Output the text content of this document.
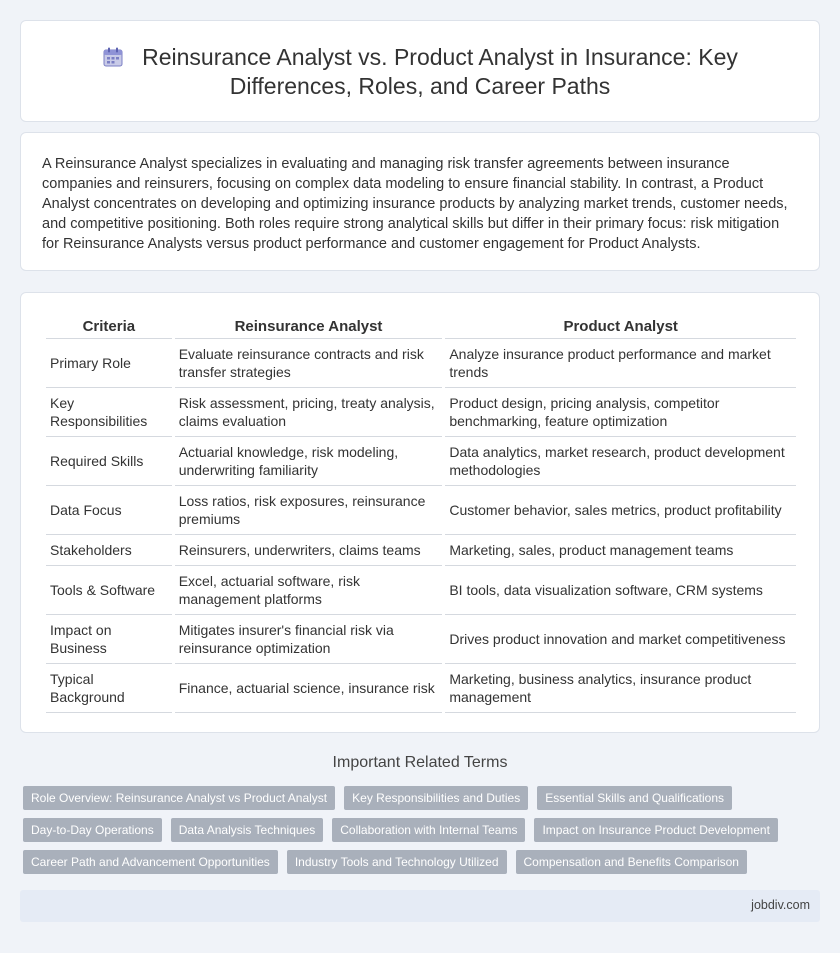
Reinsurance Analyst vs. Product Analyst in Insurance: Key Differences, Roles, and Career Paths

A Reinsurance Analyst specializes in evaluating and managing risk transfer agreements between insurance companies and reinsurers, focusing on complex data modeling to ensure financial stability. In contrast, a Product Analyst concentrates on developing and optimizing insurance products by analyzing market trends, customer needs, and competitive positioning. Both roles require strong analytical skills but differ in their primary focus: risk mitigation for Reinsurance Analysts versus product performance and customer engagement for Product Analysts.

Criteria	Reinsurance Analyst	Product Analyst
Primary Role	Evaluate reinsurance contracts and risk transfer strategies	Analyze insurance product performance and market trends
Key Responsibilities	Risk assessment, pricing, treaty analysis, claims evaluation	Product design, pricing analysis, competitor benchmarking, feature optimization
Required Skills	Actuarial knowledge, risk modeling, underwriting familiarity	Data analytics, market research, product development methodologies
Data Focus	Loss ratios, risk exposures, reinsurance premiums	Customer behavior, sales metrics, product profitability
Stakeholders	Reinsurers, underwriters, claims teams	Marketing, sales, product management teams
Tools & Software	Excel, actuarial software, risk management platforms	BI tools, data visualization software, CRM systems
Impact on Business	Mitigates insurer's financial risk via reinsurance optimization	Drives product innovation and market competitiveness
Typical Background	Finance, actuarial science, insurance risk	Marketing, business analytics, insurance product management
Important Related Terms
Role Overview: Reinsurance Analyst vs Product Analyst	Key Responsibilities and Duties	Essential Skills and Qualifications
Day-to-Day Operations	Data Analysis Techniques	Collaboration with Internal Teams	Impact on Insurance Product Development
Career Path and Advancement Opportunities	Industry Tools and Technology Utilized	Compensation and Benefits Comparison
jobdiv.com
